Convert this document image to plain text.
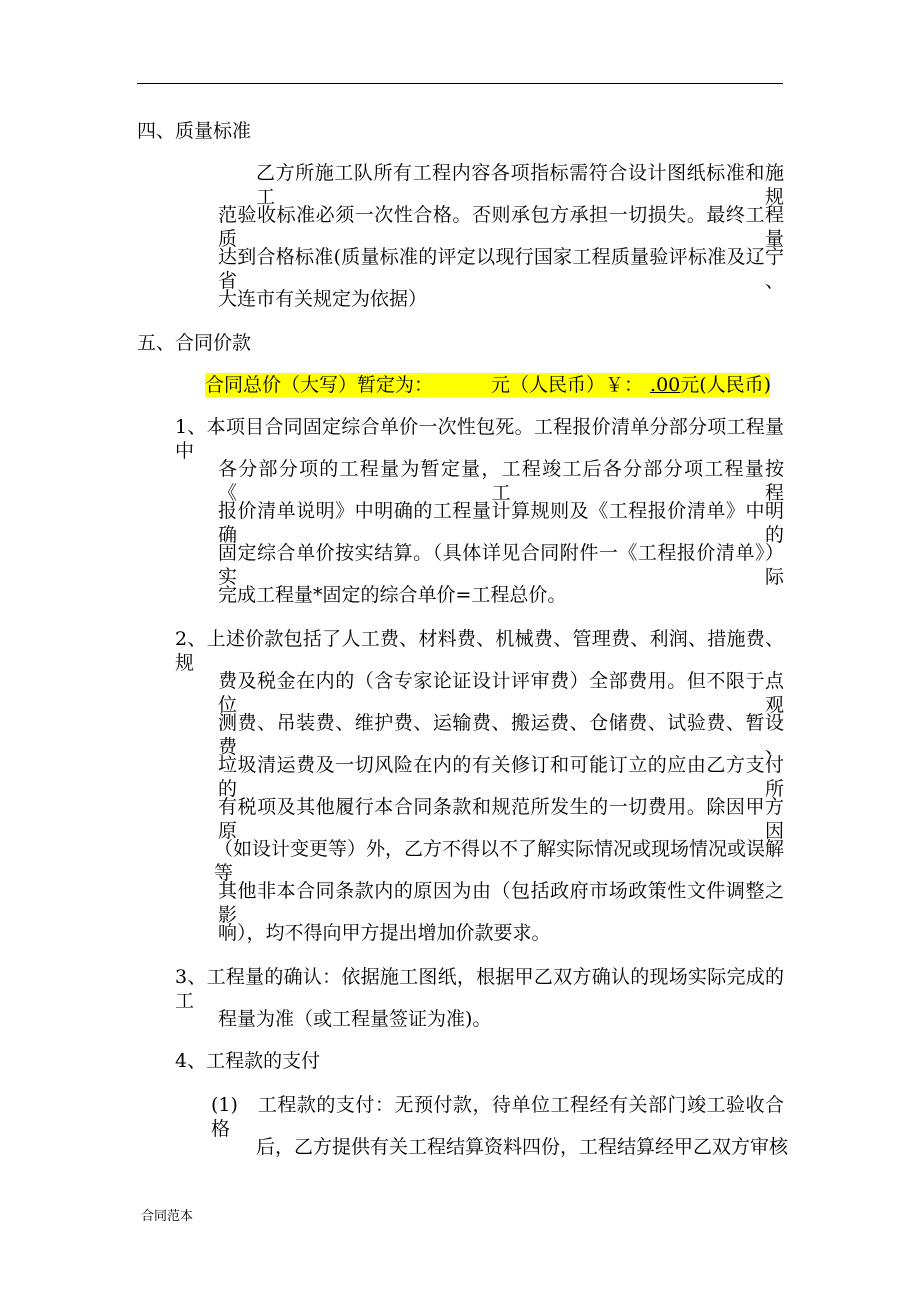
四、质量标准
乙方所施工队所有工程内容各项指标需符合设计图纸标准和施工规
范验收标准必须一次性合格。否则承包方承担一切损失。最终工程质量
达到合格标准(质量标准的评定以现行国家工程质量验评标准及辽宁省、
大连市有关规定为依据）
五、合同价款
合同总价（大写）暂定为：	元（人民币）￥： .00元(人民币)
1、本项目合同固定综合单价一次性包死。工程报价清单分部分项工程量中
各分部分项的工程量为暂定量，工程竣工后各分部分项工程量按《工程
报价清单说明》中明确的工程量计算规则及《工程报价清单》中明确的
固定综合单价按实结算。（具体详见合同附件一《工程报价清单》）实际
完成工程量*固定的综合单价=工程总价。
2、上述价款包括了人工费、材料费、机械费、管理费、利润、措施费、规
费及税金在内的（含专家论证设计评审费）全部费用。但不限于点位观
测费、吊装费、维护费、运输费、搬运费、仓储费、试验费、暂设费、
垃圾清运费及一切风险在内的有关修订和可能订立的应由乙方支付的所
有税项及其他履行本合同条款和规范所发生的一切费用。除因甲方原因
（如设计变更等）外，乙方不得以不了解实际情况或现场情况或误解等
其他非本合同条款内的原因为由（包括政府市场政策性文件调整之影
响），均不得向甲方提出增加价款要求。
3、工程量的确认：依据施工图纸，根据甲乙双方确认的现场实际完成的工
程量为准（或工程量签证为准)。
4、工程款的支付
(1)　工程款的支付：无预付款，待单位工程经有关部门竣工验收合格
后，乙方提供有关工程结算资料四份，工程结算经甲乙双方审核
合同范本
